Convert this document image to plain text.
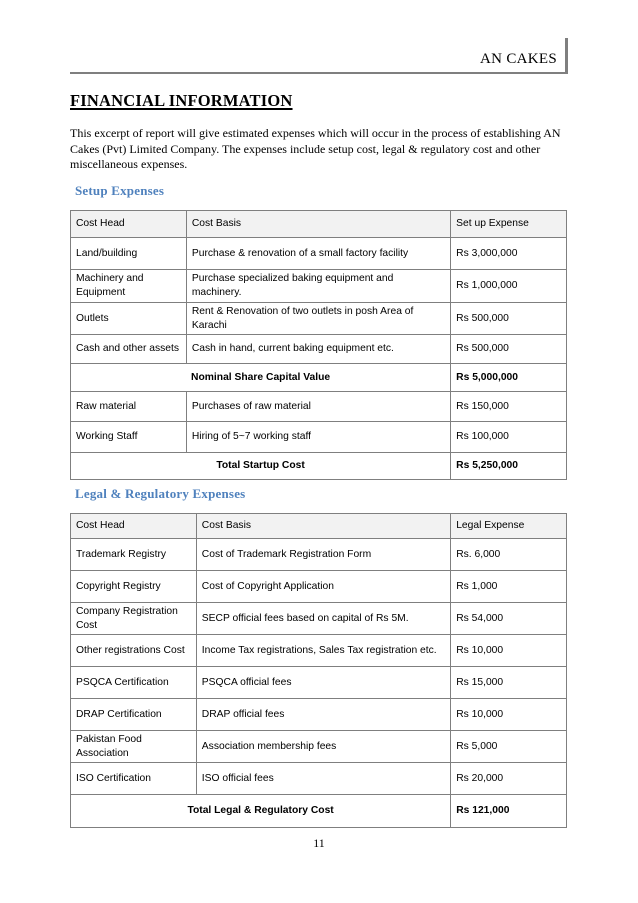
AN CAKES
FINANCIAL INFORMATION
This excerpt of report will give estimated expenses which will occur in the process of establishing AN Cakes (Pvt) Limited Company. The expenses include setup cost, legal & regulatory cost and other miscellaneous expenses.
Setup Expenses
Cost Head	Cost Basis	Set up Expense
Land/building	Purchase & renovation of a small factory facility	Rs 3,000,000
Machinery and Equipment	Purchase specialized baking equipment and machinery.	Rs 1,000,000
Outlets	Rent & Renovation of two outlets in posh Area of Karachi	Rs 500,000
Cash and other assets	Cash in hand, current baking equipment etc.	Rs 500,000
Nominal Share Capital Value		Rs 5,000,000
Raw material	Purchases of raw material	Rs 150,000
Working Staff	Hiring of 5~7 working staff	Rs 100,000
Total Startup Cost		Rs 5,250,000
Legal & Regulatory Expenses
Cost Head	Cost Basis	Legal Expense
Trademark Registry	Cost of Trademark Registration Form	Rs. 6,000
Copyright Registry	Cost of Copyright Application	Rs 1,000
Company Registration Cost	SECP official fees based on capital of Rs 5M.	Rs 54,000
Other registrations Cost	Income Tax registrations, Sales Tax registration etc.	Rs 10,000
PSQCA Certification	PSQCA official fees	Rs 15,000
DRAP Certification	DRAP official fees	Rs 10,000
Pakistan Food Association	Association membership fees	Rs 5,000
ISO Certification	ISO official fees	Rs 20,000
Total Legal & Regulatory Cost		Rs 121,000
11
